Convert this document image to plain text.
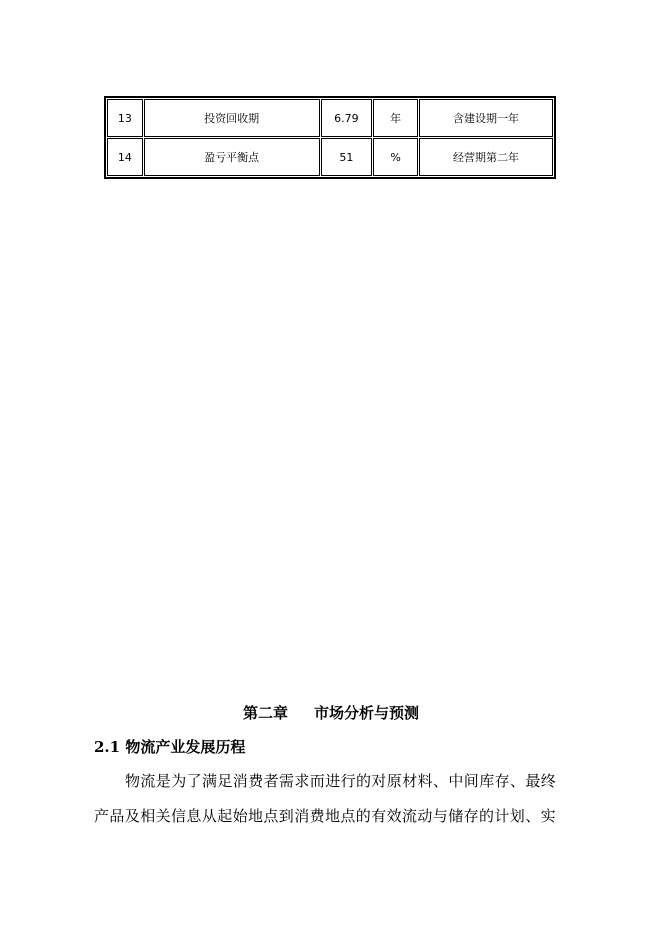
13	投资回收期	6.79	年	含建设期一年
14	盈亏平衡点	51	%	经营期第二年
第二章 市场分析与预测
2.1 物流产业发展历程
物流是为了满足消费者需求而进行的对原材料、中间库存、最终
产品及相关信息从起始地点到消费地点的有效流动与储存的计划、实
